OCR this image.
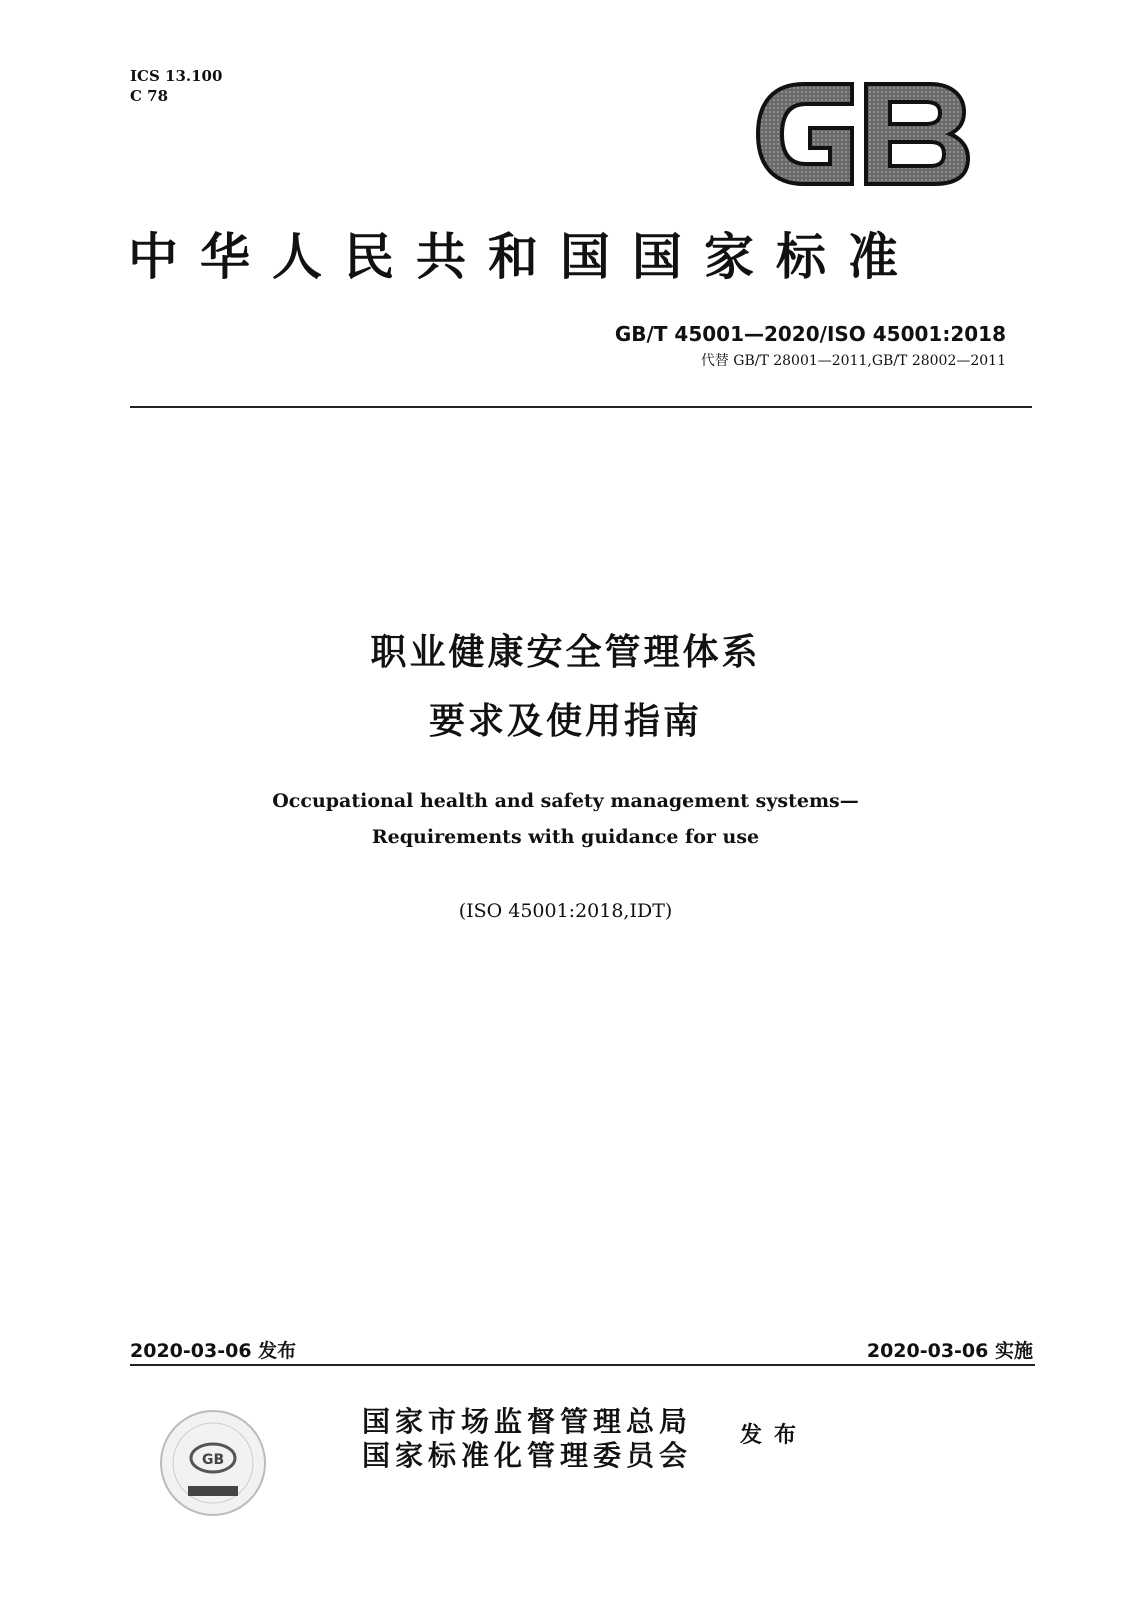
ICS 13.100
C 78
中华人民共和国国家标准
GB/T 45001—2020/ISO 45001:2018
代替 GB/T 28001—2011,GB/T 28002—2011
职业健康安全管理体系
要求及使用指南
Occupational health and safety management systems—
Requirements with guidance for use
(ISO 45001:2018,IDT)
2020-03-06 发布	2020-03-06 实施
GB
国家市场监督管理总局
国家标准化管理委员会
发布
